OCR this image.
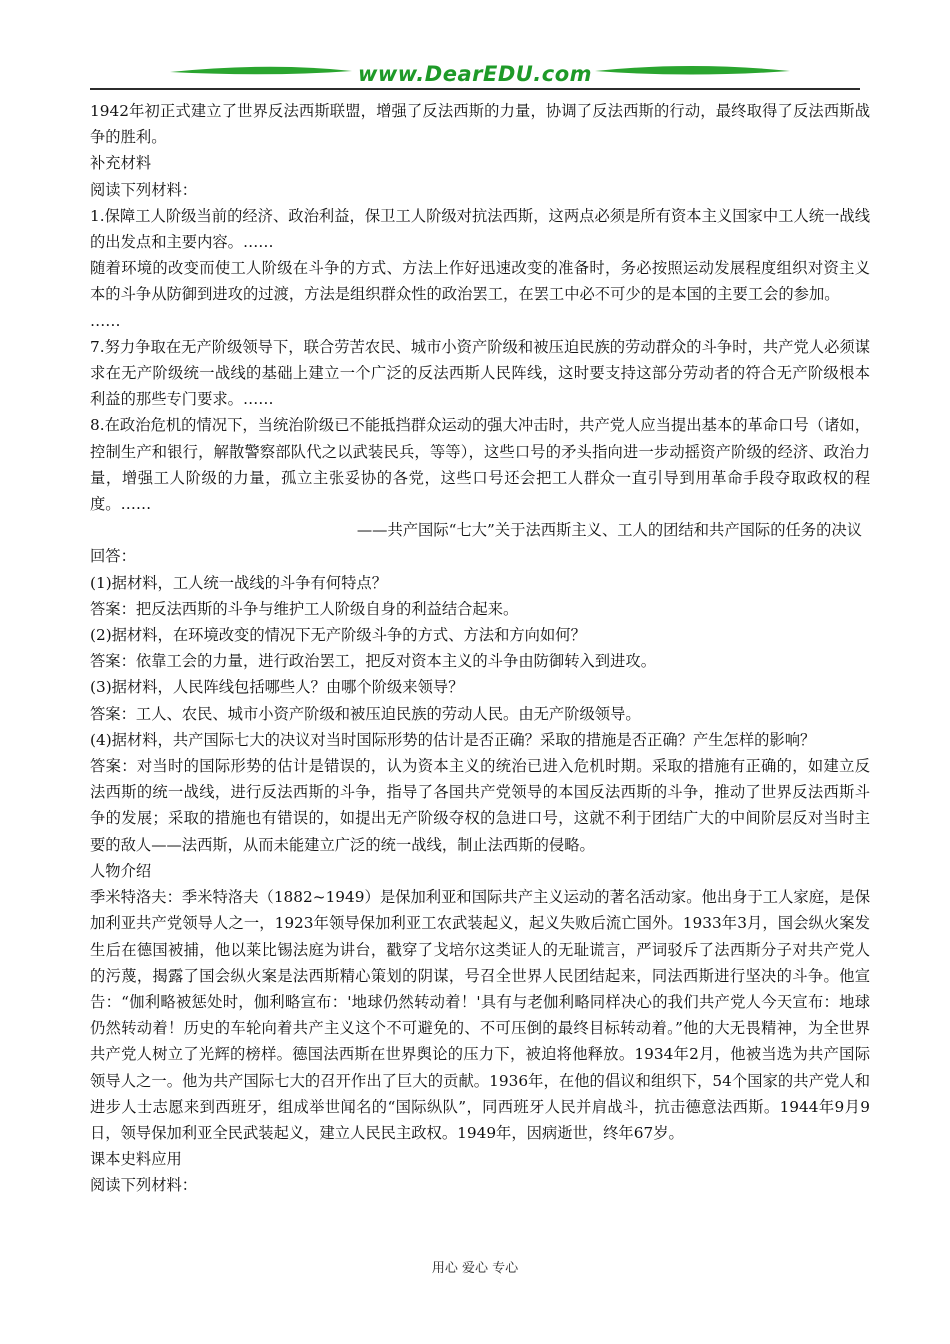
www.DearEDU.com

1942年初正式建立了世界反法西斯联盟，增强了反法西斯的力量，协调了反法西斯的行动，最终取得了反法西斯战争的胜利。

补充材料

阅读下列材料：

1.保障工人阶级当前的经济、政治利益，保卫工人阶级对抗法西斯，这两点必须是所有资本主义国家中工人统一战线的出发点和主要内容。……

随着环境的改变而使工人阶级在斗争的方式、方法上作好迅速改变的准备时，务必按照运动发展程度组织对资主义本的斗争从防御到进攻的过渡，方法是组织群众性的政治罢工，在罢工中必不可少的是本国的主要工会的参加。

……

7.努力争取在无产阶级领导下，联合劳苦农民、城市小资产阶级和被压迫民族的劳动群众的斗争时，共产党人必须谋求在无产阶级统一战线的基础上建立一个广泛的反法西斯人民阵线，这时要支持这部分劳动者的符合无产阶级根本利益的那些专门要求。……

8.在政治危机的情况下，当统治阶级已不能抵挡群众运动的强大冲击时，共产党人应当提出基本的革命口号（诸如，控制生产和银行，解散警察部队代之以武装民兵，等等），这些口号的矛头指向进一步动摇资产阶级的经济、政治力量，增强工人阶级的力量，孤立主张妥协的各党，这些口号还会把工人群众一直引导到用革命手段夺取政权的程度。……

——共产国际“七大”关于法西斯主义、工人的团结和共产国际的任务的决议

回答：

(1)据材料，工人统一战线的斗争有何特点？

答案：把反法西斯的斗争与维护工人阶级自身的利益结合起来。

(2)据材料，在环境改变的情况下无产阶级斗争的方式、方法和方向如何？

答案：依靠工会的力量，进行政治罢工，把反对资本主义的斗争由防御转入到进攻。

(3)据材料，人民阵线包括哪些人？由哪个阶级来领导？

答案：工人、农民、城市小资产阶级和被压迫民族的劳动人民。由无产阶级领导。

(4)据材料，共产国际七大的决议对当时国际形势的估计是否正确？采取的措施是否正确？产生怎样的影响？

答案：对当时的国际形势的估计是错误的，认为资本主义的统治已进入危机时期。采取的措施有正确的，如建立反法西斯的统一战线，进行反法西斯的斗争，指导了各国共产党领导的本国反法西斯的斗争，推动了世界反法西斯斗争的发展；采取的措施也有错误的，如提出无产阶级夺权的急进口号，这就不利于团结广大的中间阶层反对当时主要的敌人——法西斯，从而未能建立广泛的统一战线，制止法西斯的侵略。

人物介绍

季米特洛夫：季米特洛夫（1882~1949）是保加利亚和国际共产主义运动的著名活动家。他出身于工人家庭，是保加利亚共产党领导人之一，1923年领导保加利亚工农武装起义，起义失败后流亡国外。1933年3月，国会纵火案发生后在德国被捕，他以莱比锡法庭为讲台，戳穿了戈培尔这类证人的无耻谎言，严词驳斥了法西斯分子对共产党人的污蔑，揭露了国会纵火案是法西斯精心策划的阴谋，号召全世界人民团结起来，同法西斯进行坚决的斗争。他宣告：“伽利略被惩处时，伽利略宣布：'地球仍然转动着！'具有与老伽利略同样决心的我们共产党人今天宣布：地球仍然转动着！历史的车轮向着共产主义这个不可避免的、不可压倒的最终目标转动着。”他的大无畏精神，为全世界共产党人树立了光辉的榜样。德国法西斯在世界舆论的压力下，被迫将他释放。1934年2月，他被当选为共产国际领导人之一。他为共产国际七大的召开作出了巨大的贡献。1936年，在他的倡议和组织下，54个国家的共产党人和进步人士志愿来到西班牙，组成举世闻名的“国际纵队”，同西班牙人民并肩战斗，抗击德意法西斯。1944年9月9日，领导保加利亚全民武装起义，建立人民民主政权。1949年，因病逝世，终年67岁。

课本史料应用

阅读下列材料：

用心 爱心 专心
